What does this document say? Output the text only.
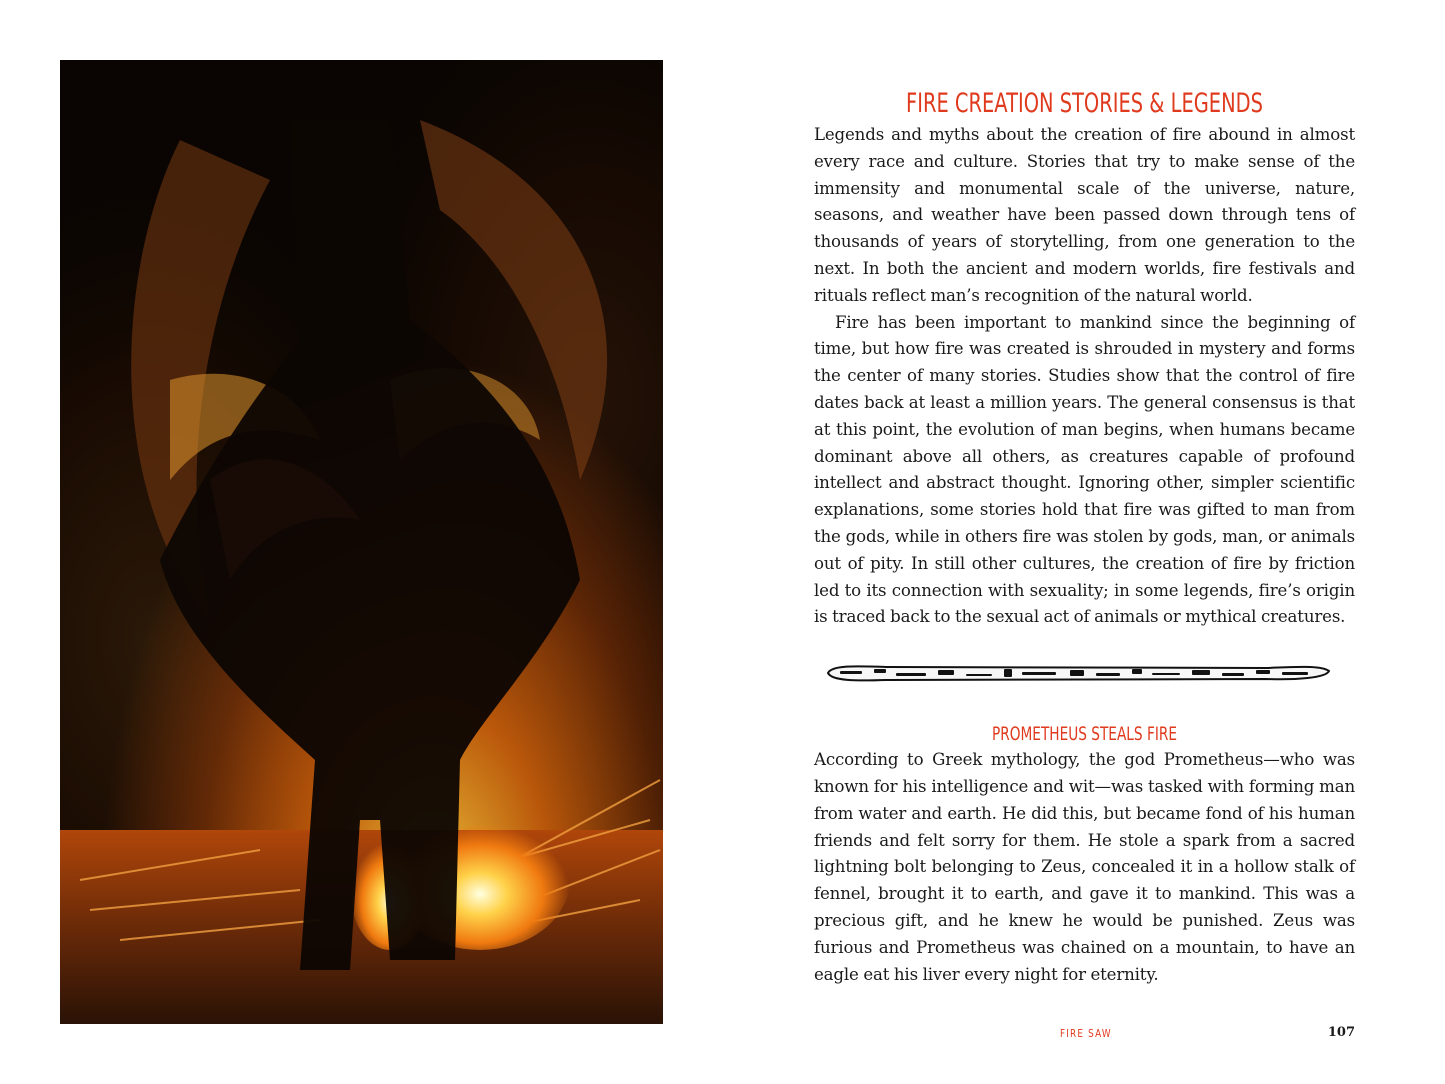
FIRE CREATION STORIES & LEGENDS

Legends and myths about the creation of fire abound in almost every race and culture. Stories that try to make sense of the immensity and monumental scale of the universe, nature, seasons, and weather have been passed down through tens of thousands of years of storytelling, from one generation to the next. In both the ancient and modern worlds, fire festivals and rituals reflect man’s recognition of the natural world.

Fire has been important to mankind since the beginning of time, but how fire was created is shrouded in mystery and forms the center of many stories. Studies show that the control of fire dates back at least a million years. The general consensus is that at this point, the evolution of man begins, when humans became dominant above all others, as creatures capable of profound intellect and abstract thought. Ignoring other, simpler scientific explanations, some stories hold that fire was gifted to man from the gods, while in others fire was stolen by gods, man, or animals out of pity. In still other cultures, the creation of fire by friction led to its connection with sexuality; in some legends, fire’s origin is traced back to the sexual act of animals or mythical creatures.

PROMETHEUS STEALS FIRE

According to Greek mythology, the god Prometheus—who was known for his intelligence and wit—was tasked with forming man from water and earth. He did this, but became fond of his human friends and felt sorry for them. He stole a spark from a sacred lightning bolt belonging to Zeus, concealed it in a hollow stalk of fennel, brought it to earth, and gave it to mankind. This was a precious gift, and he knew he would be punished. Zeus was furious and Prometheus was chained on a mountain, to have an eagle eat his liver every night for eternity.

FIRE SAW	107
